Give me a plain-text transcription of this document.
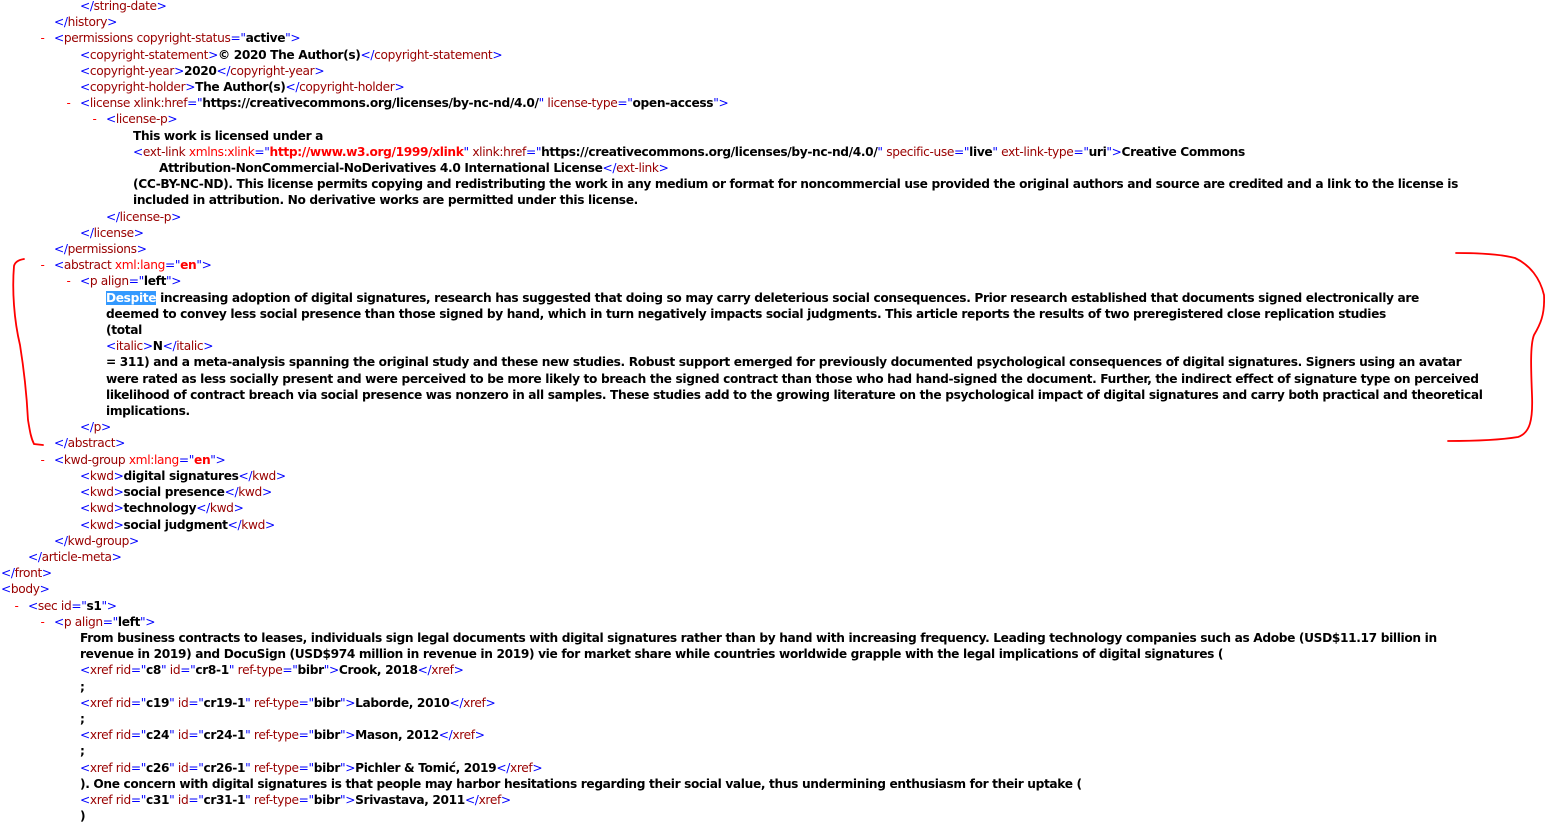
</string-date>
</history>
- <permissions copyright-status="active">
<copyright-statement>© 2020 The Author(s)</copyright-statement>
<copyright-year>2020</copyright-year>
<copyright-holder>The Author(s)</copyright-holder>
- <license xlink:href="https://creativecommons.org/licenses/by-nc-nd/4.0/" license-type="open-access">
- <license-p>
This work is licensed under a
<ext-link xmlns:xlink="http://www.w3.org/1999/xlink" xlink:href="https://creativecommons.org/licenses/by-nc-nd/4.0/" specific-use="live" ext-link-type="uri">Creative Commons
Attribution-NonCommercial-NoDerivatives 4.0 International License</ext-link>
(CC-BY-NC-ND). This license permits copying and redistributing the work in any medium or format for noncommercial use provided the original authors and source are credited and a link to the license is included in attribution. No derivative works are permitted under this license.
</license-p>
</license>
</permissions>
- <abstract xml:lang="en">
- <p align="left">
Despite increasing adoption of digital signatures, research has suggested that doing so may carry deleterious social consequences. Prior research established that documents signed electronically are deemed to convey less social presence than those signed by hand, which in turn negatively impacts social judgments. This article reports the results of two preregistered close replication studies (total
<italic>N</italic>
= 311) and a meta-analysis spanning the original study and these new studies. Robust support emerged for previously documented psychological consequences of digital signatures. Signers using an avatar were rated as less socially present and were perceived to be more likely to breach the signed contract than those who had hand-signed the document. Further, the indirect effect of signature type on perceived likelihood of contract breach via social presence was nonzero in all samples. These studies add to the growing literature on the psychological impact of digital signatures and carry both practical and theoretical implications.
</p>
</abstract>
- <kwd-group xml:lang="en">
<kwd>digital signatures</kwd>
<kwd>social presence</kwd>
<kwd>technology</kwd>
<kwd>social judgment</kwd>
</kwd-group>
</article-meta>
</front>
<body>
- <sec id="s1">
- <p align="left">
From business contracts to leases, individuals sign legal documents with digital signatures rather than by hand with increasing frequency. Leading technology companies such as Adobe (USD$11.17 billion in revenue in 2019) and DocuSign (USD$974 million in revenue in 2019) vie for market share while countries worldwide grapple with the legal implications of digital signatures (
<xref rid="c8" id="cr8-1" ref-type="bibr">Crook, 2018</xref>
;
<xref rid="c19" id="cr19-1" ref-type="bibr">Laborde, 2010</xref>
;
<xref rid="c24" id="cr24-1" ref-type="bibr">Mason, 2012</xref>
;
<xref rid="c26" id="cr26-1" ref-type="bibr">Pichler & Tomić, 2019</xref>
). One concern with digital signatures is that people may harbor hesitations regarding their social value, thus undermining enthusiasm for their uptake (
<xref rid="c31" id="cr31-1" ref-type="bibr">Srivastava, 2011</xref>
)
